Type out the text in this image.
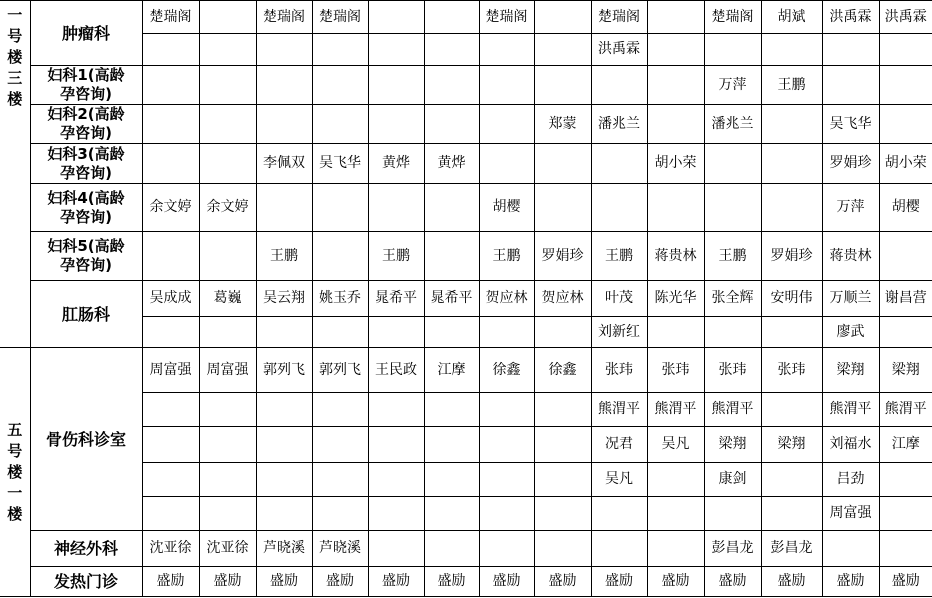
一号楼三楼	肿瘤科	楚瑞阁		楚瑞阁	楚瑞阁			楚瑞阁		楚瑞阁		楚瑞阁	胡斌	洪禹霖	洪禹霖
										洪禹霖					
	妇科1(高龄孕咨询)											万萍	王鹏		
	妇科2(高龄孕咨询)								郑蒙	潘兆兰		潘兆兰		吴飞华	
	妇科3(高龄孕咨询)			李佩双	吴飞华	黄烨	黄烨				胡小荣			罗娟珍	胡小荣
	妇科4(高龄孕咨询)	余文婷	余文婷					胡樱						万萍	胡樱
	妇科5(高龄孕咨询)			王鹏		王鹏		王鹏	罗娟珍	王鹏	蒋贵林	王鹏	罗娟珍	蒋贵林	
	肛肠科	吴成成	葛巍	吴云翔	姚玉乔	晁希平	晁希平	贺应林	贺应林	叶茂	陈光华	张全辉	安明伟	万顺兰	谢昌营
										刘新红				廖武	
五号楼一楼	骨伤科诊室	周富强	周富强	郭列飞	郭列飞	王民政	江摩	徐鑫	徐鑫	张玮	张玮	张玮	张玮	梁翔	梁翔
										熊渭平	熊渭平	熊渭平		熊渭平	熊渭平
										况君	吴凡	梁翔	梁翔	刘福水	江摩
										吴凡		康剑		吕劲	
														周富强	
	神经外科	沈亚徐	沈亚徐	芦晓溪	芦晓溪							彭昌龙	彭昌龙		
	发热门诊	盛励	盛励	盛励	盛励	盛励	盛励	盛励	盛励	盛励	盛励	盛励	盛励	盛励	盛励
